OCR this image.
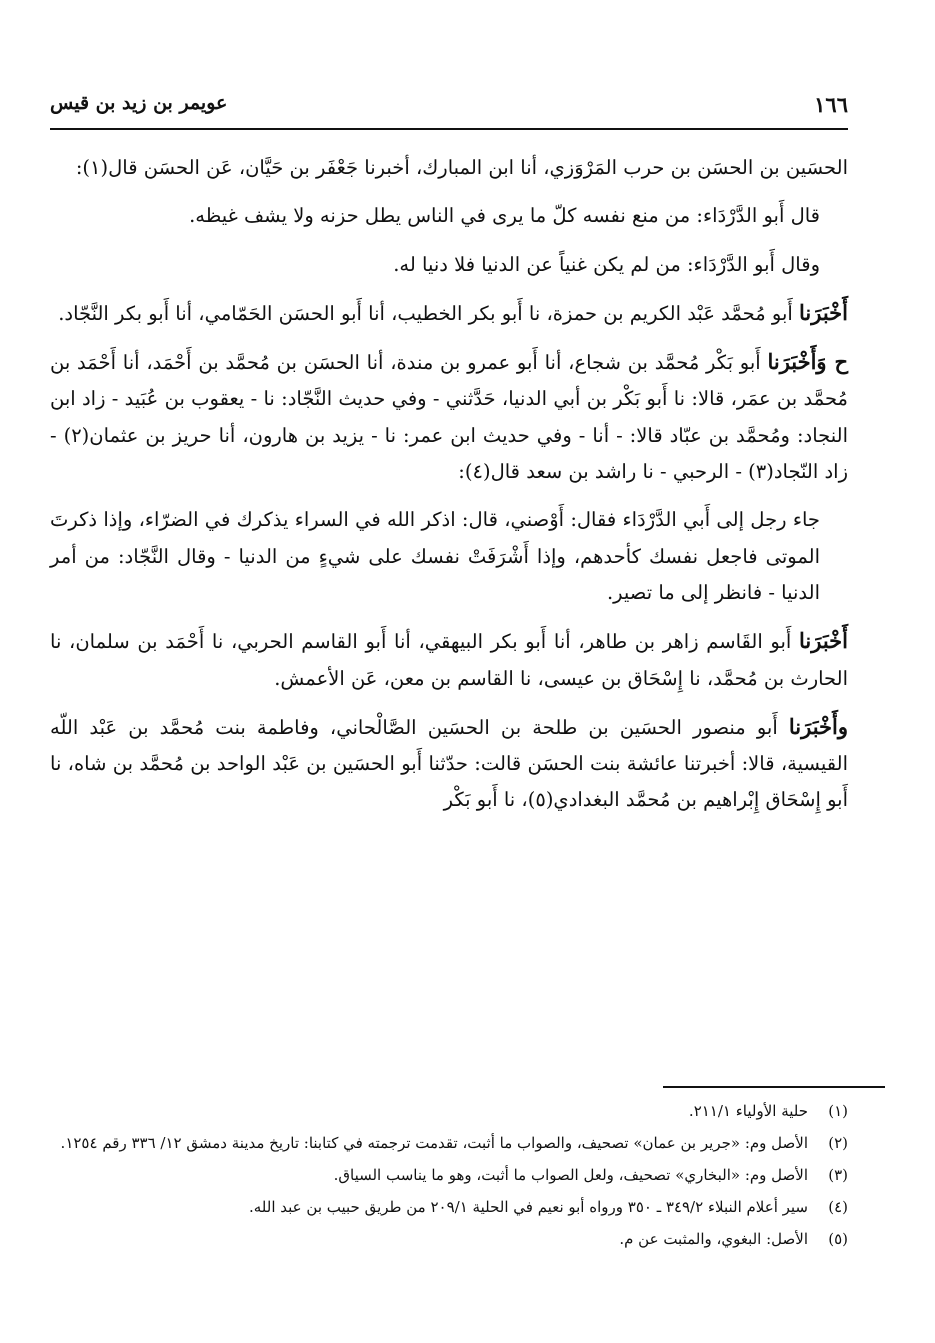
١٦٦
عويمر بن زيد بن قيس

الحسَين بن الحسَن بن حرب المَرْوَزي، أنا ابن المبارك، أخبرنا جَعْفَر بن حَيَّان، عَن الحسَن قال(١):

قال أَبو الدَّرْدَاء: من منع نفسه كلّ ما يرى في الناس يطل حزنه ولا يشف غيظه.

وقال أَبو الدَّرْدَاء: من لم يكن غنياً عن الدنيا فلا دنيا له.

أَخْبَرَنا أَبو مُحمَّد عَبْد الكريم بن حمزة، نا أَبو بكر الخطيب، أنا أَبو الحسَن الحَمّامي، أنا أَبو بكر النَّجّاد.

ح وَأَخْبَرَنا أَبو بَكْر مُحمَّد بن شجاع، أنا أَبو عمرو بن مندة، أنا الحسَن بن مُحمَّد بن أَحْمَد، أنا أَحْمَد بن مُحمَّد بن عمَر، قالا: نا أَبو بَكْر بن أبي الدنيا، حَدَّثني - وفي حديث النَّجّاد: نا - يعقوب بن عُبَيد - زاد ابن النجاد: ومُحمَّد بن عبّاد قالا: - أنا - وفي حديث ابن عمر: نا - يزيد بن هارون، أنا حريز بن عثمان(٢) - زاد النّجاد(٣) - الرحبي - نا راشد بن سعد قال(٤):

جاء رجل إلى أَبي الدَّرْدَاء فقال: أَوْصني، قال: اذكر الله في السراء يذكرك في الضرّاء، وإذا ذكرتَ الموتى فاجعل نفسك كأحدهم، وإذا أَشْرَفَتْ نفسك على شيءٍ من الدنيا - وقال النَّجّاد: من أمر الدنيا - فانظر إلى ما تصير.

أَخْبَرَنا أَبو القَاسم زاهر بن طاهر، أنا أَبو بكر البيهقي، أنا أَبو القاسم الحربي، نا أَحْمَد بن سلمان، نا الحارث بن مُحمَّد، نا إِسْحَاق بن عيسى، نا القاسم بن معن، عَن الأعمش.

وأَخْبَرَنا أَبو منصور الحسَين بن طلحة بن الحسَين الصَّالْحاني، وفاطمة بنت مُحمَّد بن عَبْد اللّه القيسية، قالا: أخبرتنا عائشة بنت الحسَن قالت: حدّثنا أَبو الحسَين بن عَبْد الواحد بن مُحمَّد بن شاه، نا أَبو إِسْحَاق إِبْراهيم بن مُحمَّد البغدادي(٥)، نا أَبو بَكْر

(١)
حلية الأولياء ٢١١/١.
(٢)
الأصل وم: «جرير بن عمان» تصحيف، والصواب ما أثبت، تقدمت ترجمته في كتابنا: تاريخ مدينة دمشق ١٢/ ٣٣٦ رقم ١٢٥٤.
(٣)
الأصل وم: «البخاري» تصحيف، ولعل الصواب ما أثبت، وهو ما يناسب السياق.
(٤)
سير أعلام النبلاء ٣٤٩/٢ ـ ٣٥٠ ورواه أبو نعيم في الحلية ٢٠٩/١ من طريق حبيب بن عبد الله.
(٥)
الأصل: البغوي، والمثبت عن م.
